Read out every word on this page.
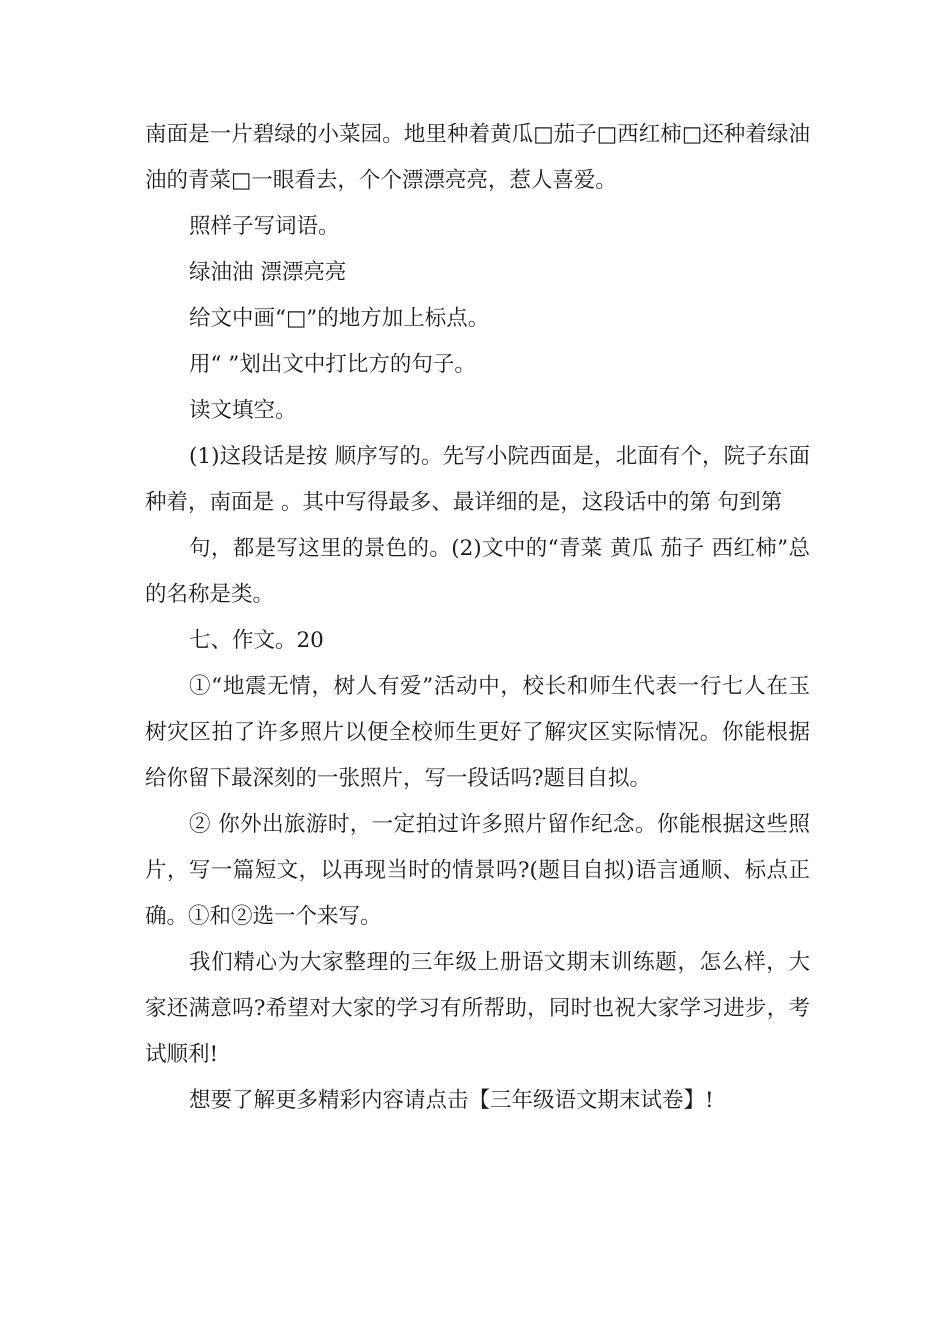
南面是一片碧绿的小菜园。地里种着黄瓜□茄子□西红柿□还种着绿油油的青菜□一眼看去，个个漂漂亮亮，惹人喜爱。

照样子写词语。

绿油油 漂漂亮亮

给文中画“□”的地方加上标点。

用“ ”划出文中打比方的句子。

读文填空。

(1)这段话是按 顺序写的。先写小院西面是，北面有个，院子东面种着，南面是 。其中写得最多、最详细的是，这段话中的第 句到第

句，都是写这里的景色的。(2)文中的“青菜 黄瓜 茄子 西红柿”总的名称是类。

七、作文。20

①“地震无情，树人有爱”活动中，校长和师生代表一行七人在玉树灾区拍了许多照片以便全校师生更好了解灾区实际情况。你能根据给你留下最深刻的一张照片，写一段话吗?题目自拟。

② 你外出旅游时，一定拍过许多照片留作纪念。你能根据这些照片，写一篇短文，以再现当时的情景吗?(题目自拟)语言通顺、标点正确。①和②选一个来写。

我们精心为大家整理的三年级上册语文期末训练题，怎么样，大家还满意吗?希望对大家的学习有所帮助，同时也祝大家学习进步，考试顺利!

想要了解更多精彩内容请点击【三年级语文期末试卷】!
